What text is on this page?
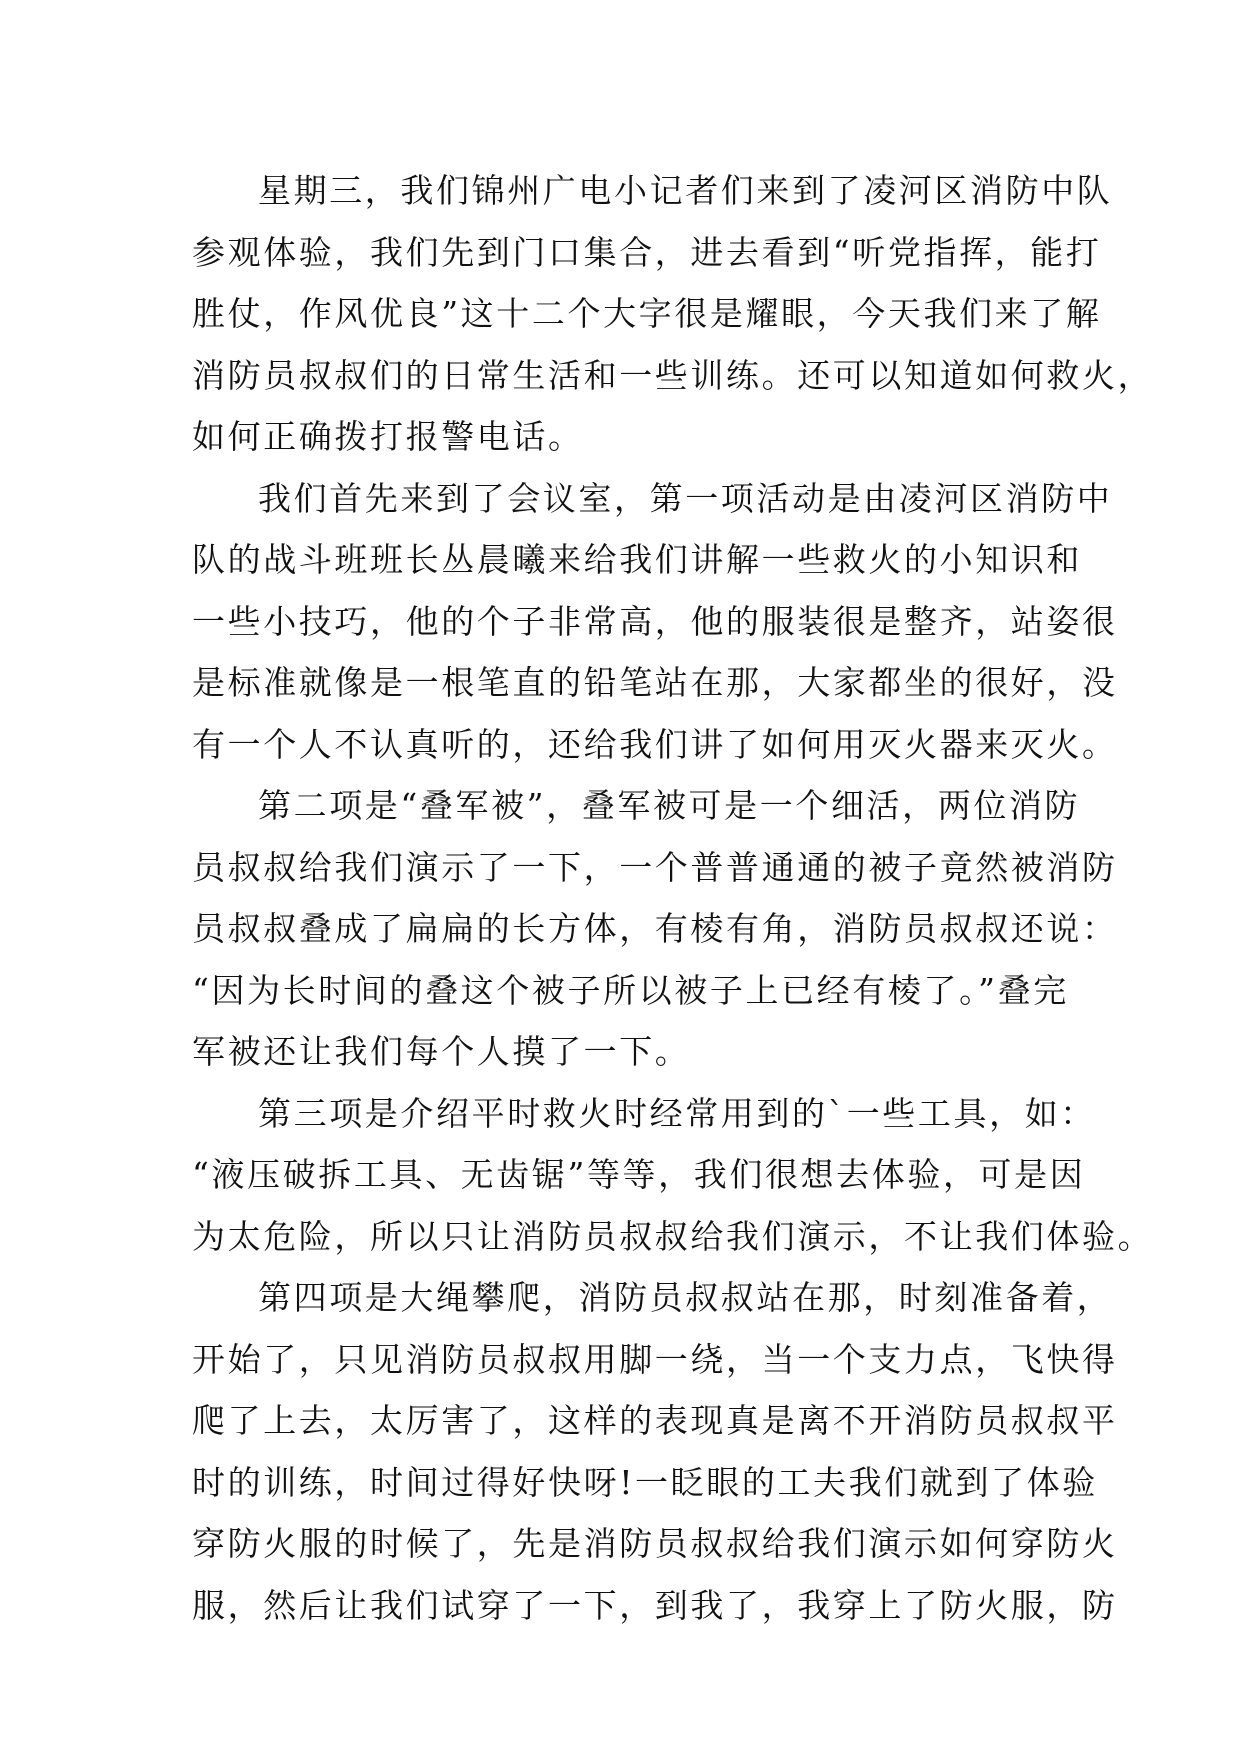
星期三，我们锦州广电小记者们来到了凌河区消防中队
参观体验，我们先到门口集合，进去看到“听党指挥，能打
胜仗，作风优良”这十二个大字很是耀眼，今天我们来了解
消防员叔叔们的日常生活和一些训练。还可以知道如何救火，
如何正确拨打报警电话。
我们首先来到了会议室，第一项活动是由凌河区消防中
队的战斗班班长丛晨曦来给我们讲解一些救火的小知识和
一些小技巧，他的个子非常高，他的服装很是整齐，站姿很
是标准就像是一根笔直的铅笔站在那，大家都坐的很好，没
有一个人不认真听的，还给我们讲了如何用灭火器来灭火。
第二项是“叠军被”，叠军被可是一个细活，两位消防
员叔叔给我们演示了一下，一个普普通通的被子竟然被消防
员叔叔叠成了扁扁的长方体，有棱有角，消防员叔叔还说：
“因为长时间的叠这个被子所以被子上已经有棱了。”叠完
军被还让我们每个人摸了一下。
第三项是介绍平时救火时经常用到的`一些工具，如：
“液压破拆工具、无齿锯”等等，我们很想去体验，可是因
为太危险，所以只让消防员叔叔给我们演示，不让我们体验。
第四项是大绳攀爬，消防员叔叔站在那，时刻准备着，
开始了，只见消防员叔叔用脚一绕，当一个支力点，飞快得
爬了上去，太厉害了，这样的表现真是离不开消防员叔叔平
时的训练，时间过得好快呀!一眨眼的工夫我们就到了体验
穿防火服的时候了，先是消防员叔叔给我们演示如何穿防火
服，然后让我们试穿了一下，到我了，我穿上了防火服，防
